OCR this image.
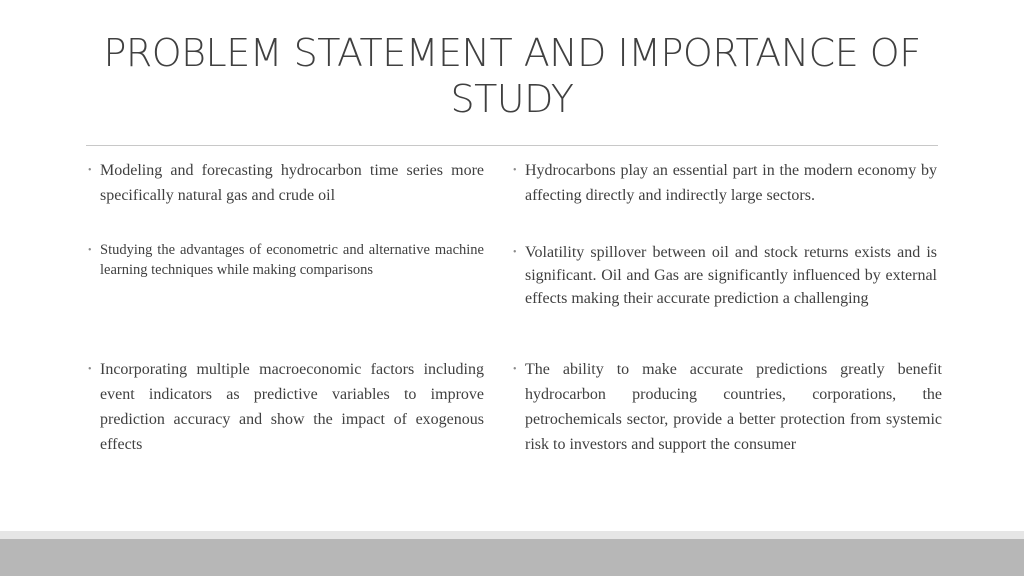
PROBLEM STATEMENT AND IMPORTANCE OF STUDY
• Modeling and forecasting hydrocarbon time series more specifically natural gas and crude oil
• Studying the advantages of econometric and alternative machine learning techniques while making comparisons
• Incorporating multiple macroeconomic factors including event indicators as predictive variables to improve prediction accuracy and show the impact of exogenous effects
• Hydrocarbons play an essential part in the modern economy by affecting directly and indirectly large sectors.
• Volatility spillover between oil and stock returns exists and is significant. Oil and Gas are significantly influenced by external effects making their accurate prediction a challenging
• The ability to make accurate predictions greatly benefit hydrocarbon producing countries, corporations, the petrochemicals sector, provide a better protection from systemic risk to investors and support the consumer
